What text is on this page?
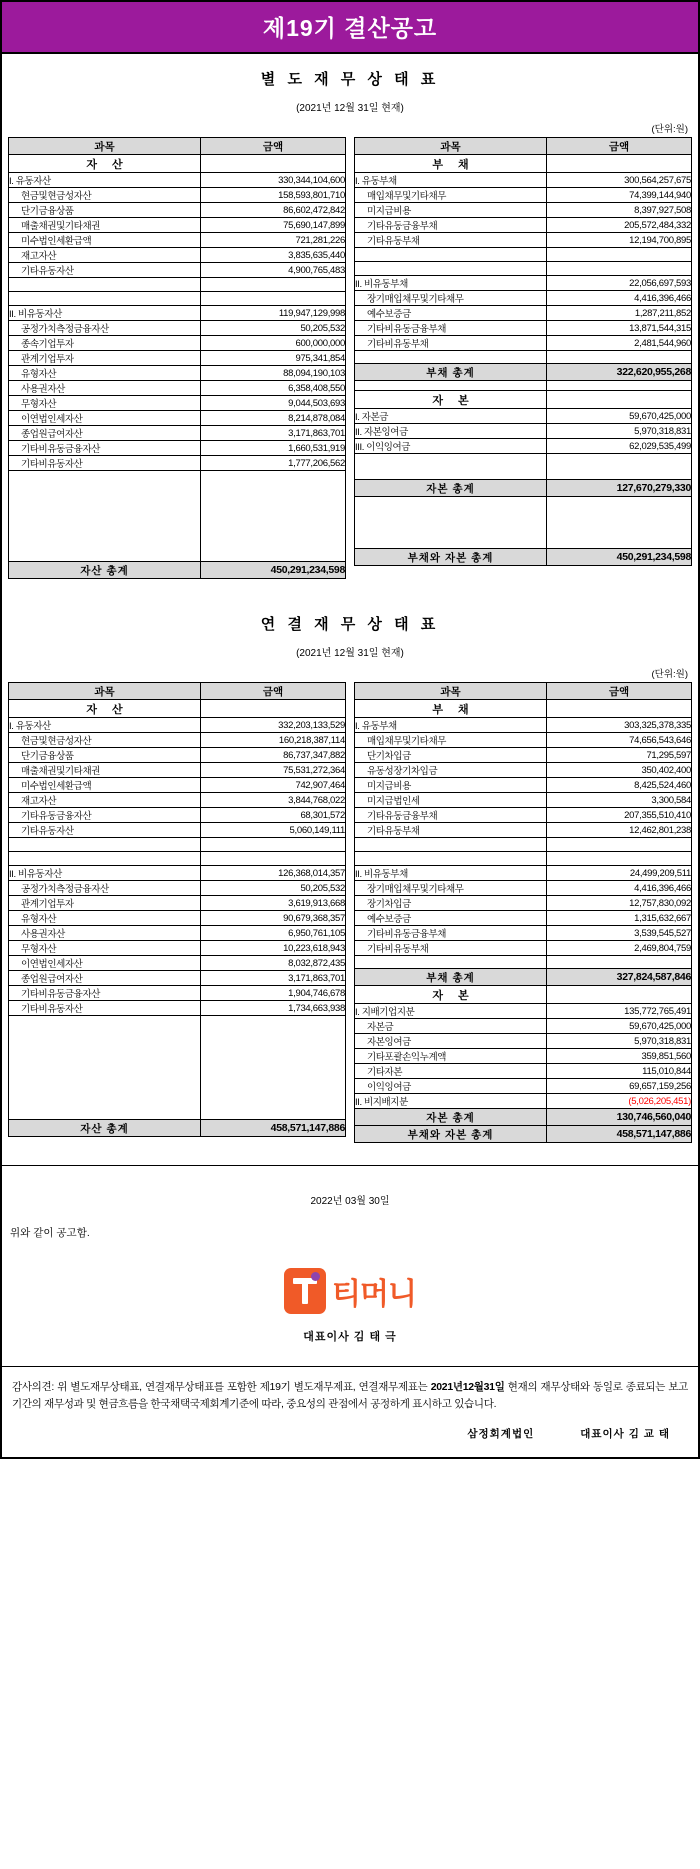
제19기 결산공고
별 도 재 무 상 태 표
(2021년 12월 31일 현재)
(단위:원)
과목	금액
자 산	
I. 유동자산	330,344,104,600
현금및현금성자산	158,593,801,710
단기금융상품	86,602,472,842
매출채권및기타채권	75,690,147,899
미수법인세환급액	721,281,226
재고자산	3,835,635,440
기타유동자산	4,900,765,483

II. 비유동자산	119,947,129,998
공정가치측정금융자산	50,205,532
종속기업투자	600,000,000
관계기업투자	975,341,854
유형자산	88,094,190,103
사용권자산	6,358,408,550
무형자산	9,044,503,693
이연법인세자산	8,214,878,084
종업원급여자산	3,171,863,701
기타비유동금융자산	1,660,531,919
기타비유동자산	1,777,206,562

자산 총계	450,291,234,598
과목	금액
부 채	
I. 유동부채	300,564,257,675
매입채무및기타채무	74,399,144,940
미지급비용	8,397,927,508
기타유동금융부채	205,572,484,332
기타유동부채	12,194,700,895

II. 비유동부채	22,056,697,593
장기매입채무및기타채무	4,416,396,466
예수보증금	1,287,211,852
기타비유동금융부채	13,871,544,315
기타비유동부채	2,481,544,960

부채 총계	322,620,955,268

자 본	
I. 자본금	59,670,425,000
II. 자본잉여금	5,970,318,831
III. 이익잉여금	62,029,535,499

자본 총계	127,670,279,330

부채와 자본 총계	450,291,234,598
연 결 재 무 상 태 표
(2021년 12월 31일 현재)
(단위:원)
과목	금액
자 산	
I. 유동자산	332,203,133,529
현금및현금성자산	160,218,387,114
단기금융상품	86,737,347,882
매출채권및기타채권	75,531,272,364
미수법인세환급액	742,907,464
재고자산	3,844,768,022
기타유동금융자산	68,301,572
기타유동자산	5,060,149,111

II. 비유동자산	126,368,014,357
공정가치측정금융자산	50,205,532
관계기업투자	3,619,913,668
유형자산	90,679,368,357
사용권자산	6,950,761,105
무형자산	10,223,618,943
이연법인세자산	8,032,872,435
종업원급여자산	3,171,863,701
기타비유동금융자산	1,904,746,678
기타비유동자산	1,734,663,938

자산 총계	458,571,147,886
과목	금액
부 채	
I. 유동부채	303,325,378,335
매입채무및기타채무	74,656,543,646
단기차입금	71,295,597
유동성장기차입금	350,402,400
미지급비용	8,425,524,460
미지급법인세	3,300,584
기타유동금융부채	207,355,510,410
기타유동부채	12,462,801,238

II. 비유동부채	24,499,209,511
장기매입채무및기타채무	4,416,396,466
장기차입금	12,757,830,092
예수보증금	1,315,632,667
기타비유동금융부채	3,539,545,527
기타비유동부채	2,469,804,759

부채 총계	327,824,587,846
자 본	
I. 지배기업지분	135,772,765,491
자본금	59,670,425,000
자본잉여금	5,970,318,831
기타포괄손익누계액	359,851,560
기타자본	115,010,844
이익잉여금	69,657,159,256
II. 비지배지분	(5,026,205,451)
자본 총계	130,746,560,040
부채와 자본 총계	458,571,147,886
2022년 03월 30일
위와 같이 공고함.
티머니
대표이사 김 태 극
감사의견: 위 별도재무상태표, 연결재무상태표를 포함한 제19기 별도재무제표, 연결재무제표는 2021년12월31일 현재의 재무상태와 동일로 종료되는 보고기간의 재무성과 및 현금흐름을 한국채택국제회계기준에 따라, 중요성의 관점에서 공정하게 표시하고 있습니다.
삼정회계법인	대표이사 김 교 태
